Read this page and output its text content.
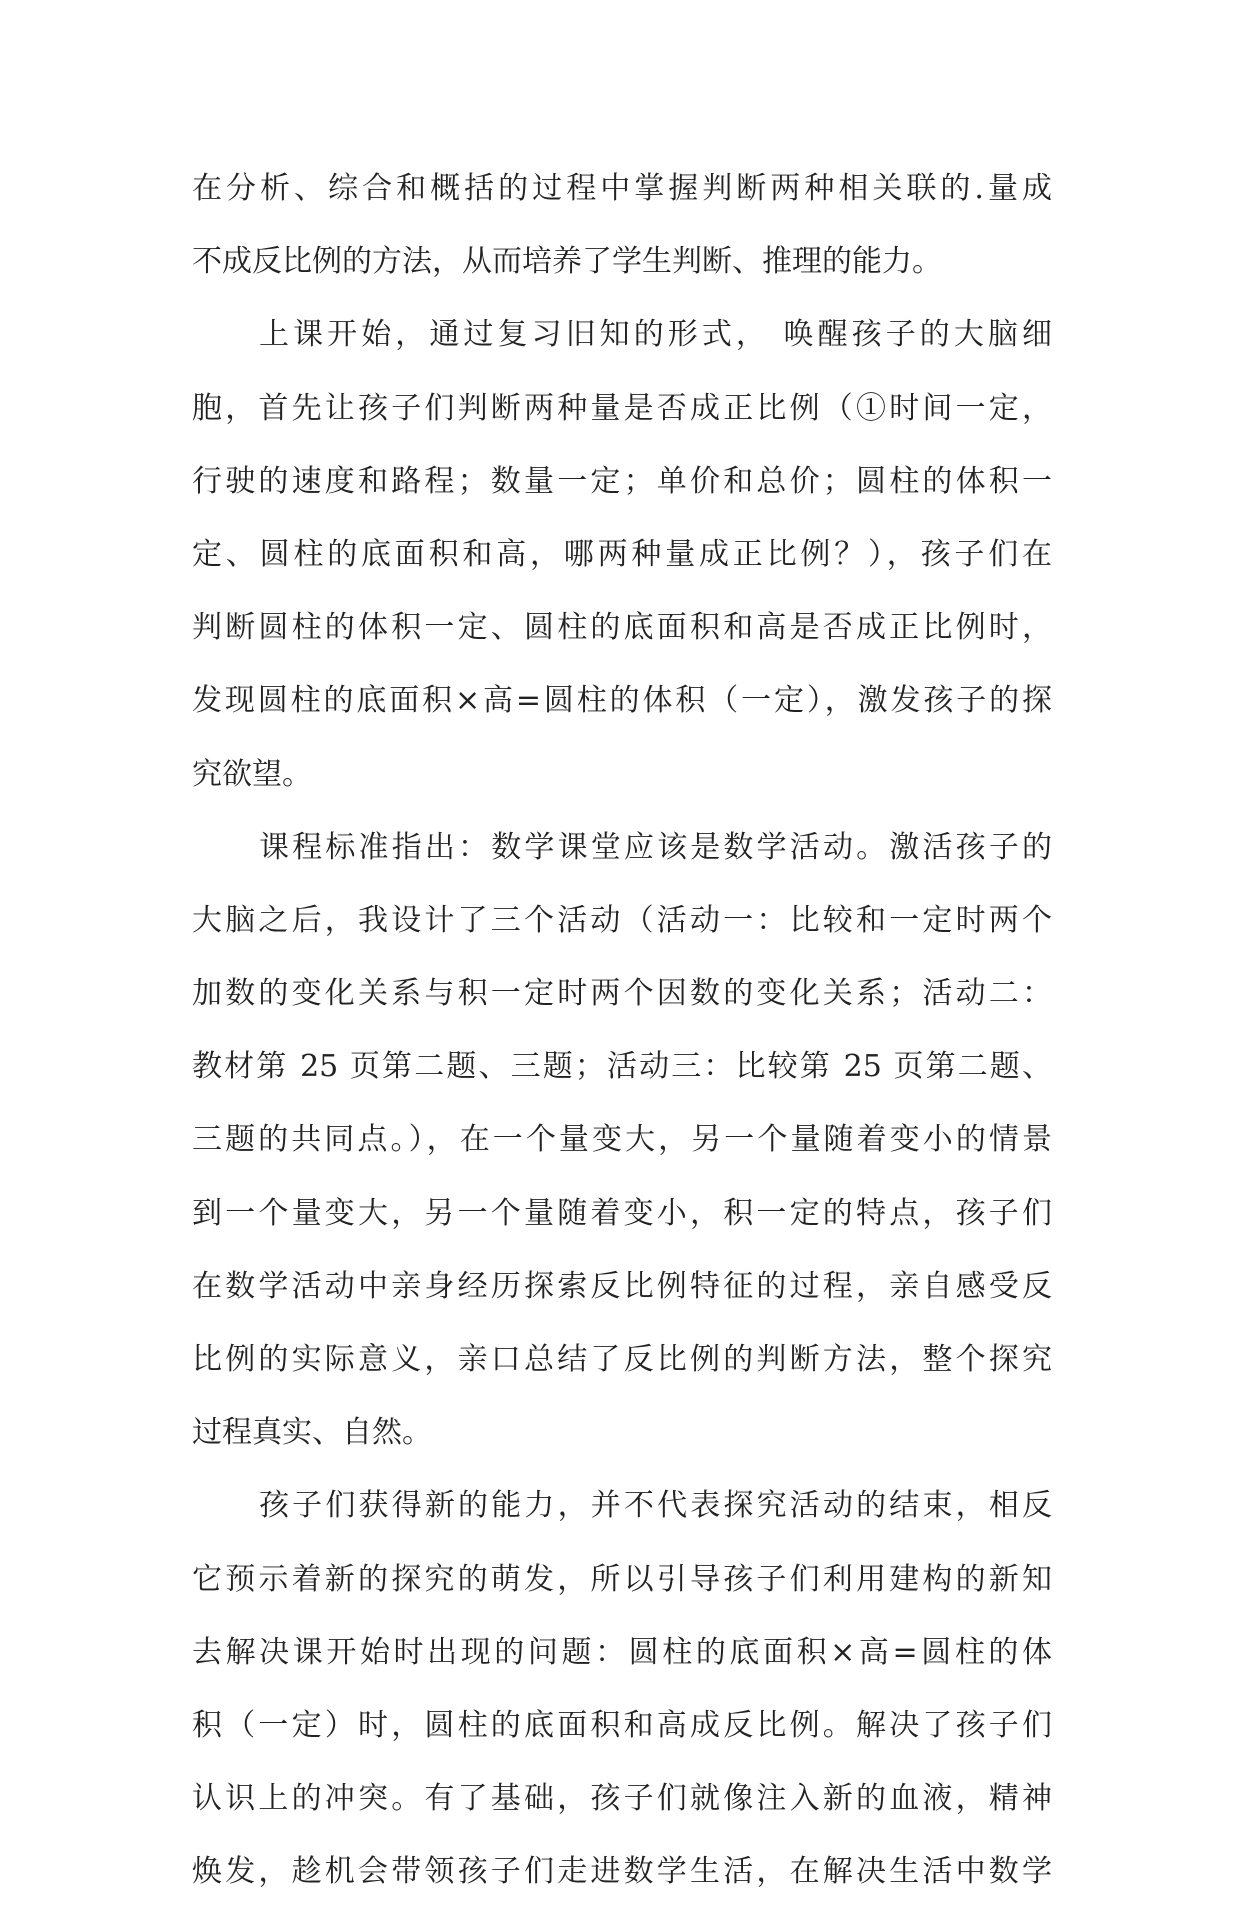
在分析、综合和概括的过程中掌握判断两种相关联的.量成
不成反比例的方法，从而培养了学生判断、推理的能力。
上课开始，通过复习旧知的形式， 唤醒孩子的大脑细
胞，首先让孩子们判断两种量是否成正比例（①时间一定，
行驶的速度和路程；数量一定；单价和总价；圆柱的体积一
定、圆柱的底面积和高，哪两种量成正比例？），孩子们在
判断圆柱的体积一定、圆柱的底面积和高是否成正比例时，
发现圆柱的底面积×高=圆柱的体积（一定），激发孩子的探
究欲望。
课程标准指出：数学课堂应该是数学活动。激活孩子的
大脑之后，我设计了三个活动（活动一：比较和一定时两个
加数的变化关系与积一定时两个因数的变化关系；活动二：
教材第 25 页第二题、三题；活动三：比较第 25 页第二题、
三题的共同点。），在一个量变大，另一个量随着变小的情景
到一个量变大，另一个量随着变小，积一定的特点，孩子们
在数学活动中亲身经历探索反比例特征的过程，亲自感受反
比例的实际意义，亲口总结了反比例的判断方法，整个探究
过程真实、自然。
孩子们获得新的能力，并不代表探究活动的结束，相反
它预示着新的探究的萌发，所以引导孩子们利用建构的新知
去解决课开始时出现的问题：圆柱的底面积×高=圆柱的体
积（一定）时，圆柱的底面积和高成反比例。解决了孩子们
认识上的冲突。有了基础，孩子们就像注入新的血液，精神
焕发，趁机会带领孩子们走进数学生活，在解决生活中数学
